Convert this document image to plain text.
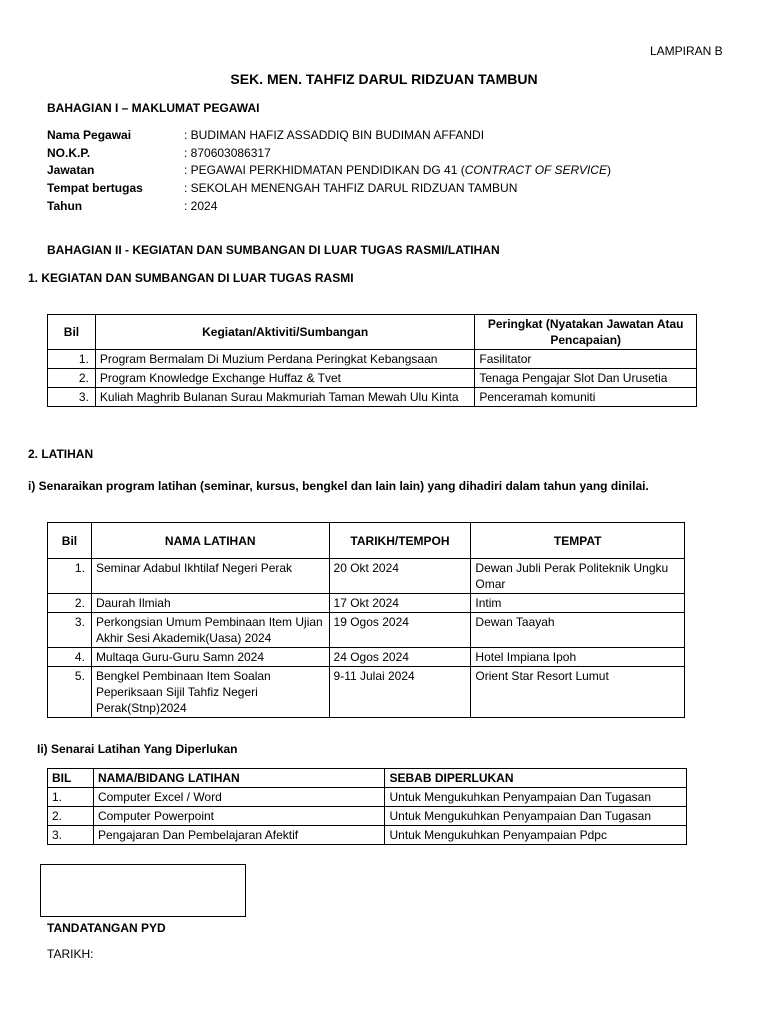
LAMPIRAN B
SEK. MEN. TAHFIZ DARUL RIDZUAN TAMBUN
BAHAGIAN I – MAKLUMAT PEGAWAI
Nama Pegawai	: BUDIMAN HAFIZ ASSADDIQ BIN BUDIMAN AFFANDI
NO.K.P.	: 870603086317
Jawatan	: PEGAWAI PERKHIDMATAN PENDIDIKAN DG 41 (CONTRACT OF SERVICE)
Tempat bertugas	: SEKOLAH MENENGAH TAHFIZ DARUL RIDZUAN TAMBUN
Tahun	: 2024
BAHAGIAN II - KEGIATAN DAN SUMBANGAN DI LUAR TUGAS RASMI/LATIHAN
1. KEGIATAN DAN SUMBANGAN DI LUAR TUGAS RASMI
Bil	Kegiatan/Aktiviti/Sumbangan	Peringkat (Nyatakan Jawatan Atau Pencapaian)
1.	Program Bermalam Di Muzium Perdana Peringkat Kebangsaan	Fasilitator
2.	Program Knowledge Exchange Huffaz & Tvet	Tenaga Pengajar Slot Dan Urusetia
3.	Kuliah Maghrib Bulanan Surau Makmuriah Taman Mewah Ulu Kinta	Penceramah komuniti
2. LATIHAN
i) Senaraikan program latihan (seminar, kursus, bengkel dan lain lain) yang dihadiri dalam tahun yang dinilai.
Bil	NAMA LATIHAN	TARIKH/TEMPOH	TEMPAT
1.	Seminar Adabul Ikhtilaf Negeri Perak	20 Okt 2024	Dewan Jubli Perak Politeknik Ungku Omar
2.	Daurah Ilmiah	17 Okt 2024	Intim
3.	Perkongsian Umum Pembinaan Item Ujian Akhir Sesi Akademik(Uasa) 2024	19 Ogos 2024	Dewan Taayah
4.	Multaqa Guru-Guru Samn 2024	24 Ogos 2024	Hotel Impiana Ipoh
5.	Bengkel Pembinaan Item Soalan Peperiksaan Sijil Tahfiz Negeri Perak(Stnp)2024	9-11 Julai 2024	Orient Star Resort Lumut
Ii) Senarai Latihan Yang Diperlukan
BIL	NAMA/BIDANG LATIHAN	SEBAB DIPERLUKAN
1.	Computer Excel / Word	Untuk Mengukuhkan Penyampaian Dan Tugasan
2.	Computer Powerpoint	Untuk Mengukuhkan Penyampaian Dan Tugasan
3.	Pengajaran Dan Pembelajaran Afektif	Untuk Mengukuhkan Penyampaian Pdpc
TANDATANGAN PYD
TARIKH:
